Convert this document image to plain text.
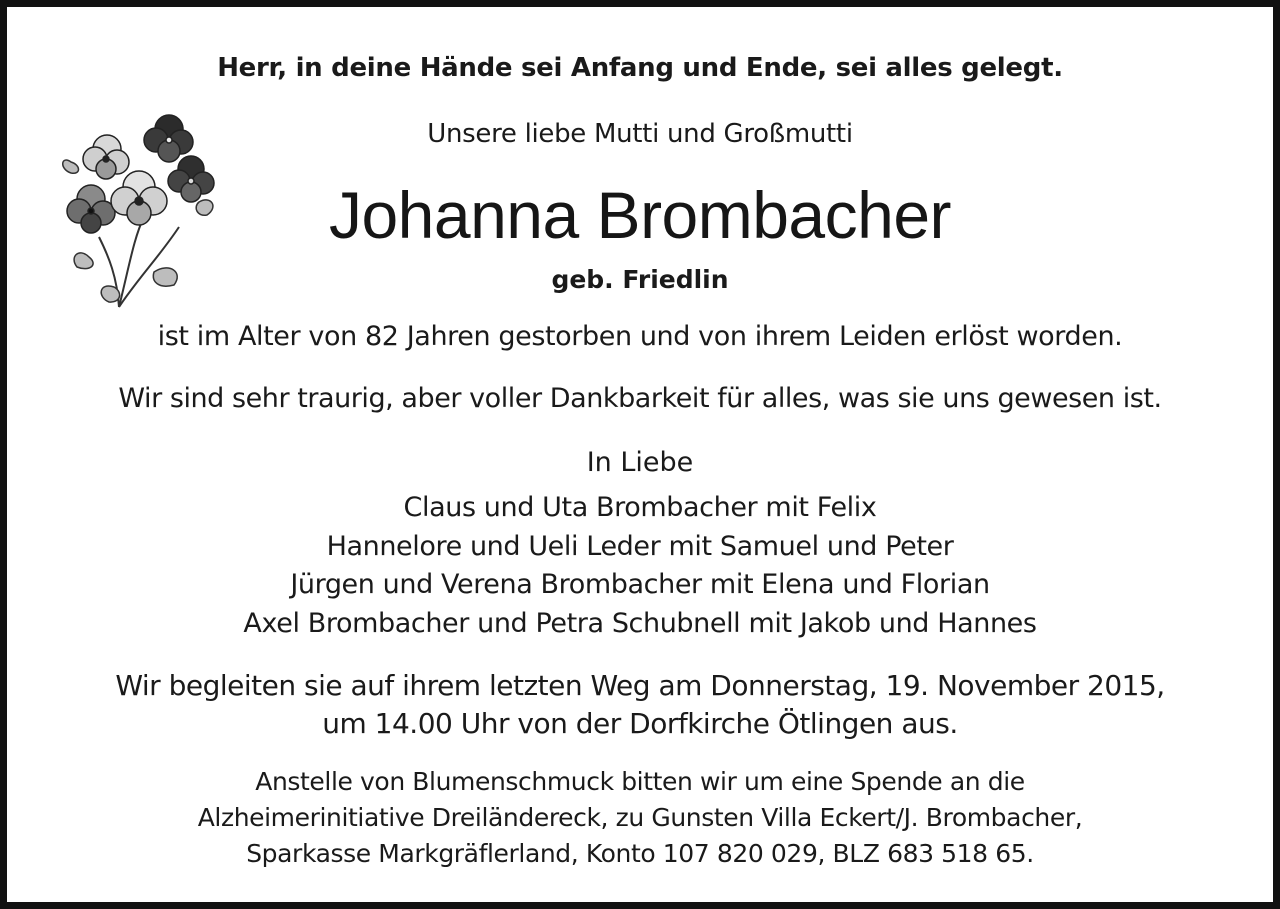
Herr, in deine Hände sei Anfang und Ende, sei alles gelegt.
Unsere liebe Mutti und Großmutti
Johanna Brombacher
geb. Friedlin
ist im Alter von 82 Jahren gestorben und von ihrem Leiden erlöst worden.
Wir sind sehr traurig, aber voller Dankbarkeit für alles, was sie uns gewesen ist.
In Liebe
Claus und Uta Brombacher mit Felix
Hannelore und Ueli Leder mit Samuel und Peter
Jürgen und Verena Brombacher mit Elena und Florian
Axel Brombacher und Petra Schubnell mit Jakob und Hannes
Wir begleiten sie auf ihrem letzten Weg am Donnerstag, 19. November 2015,
um 14.00 Uhr von der Dorfkirche Ötlingen aus.
Anstelle von Blumenschmuck bitten wir um eine Spende an die
Alzheimerinitiative Dreiländereck, zu Gunsten Villa Eckert/J. Brombacher,
Sparkasse Markgräflerland, Konto 107 820 029, BLZ 683 518 65.
